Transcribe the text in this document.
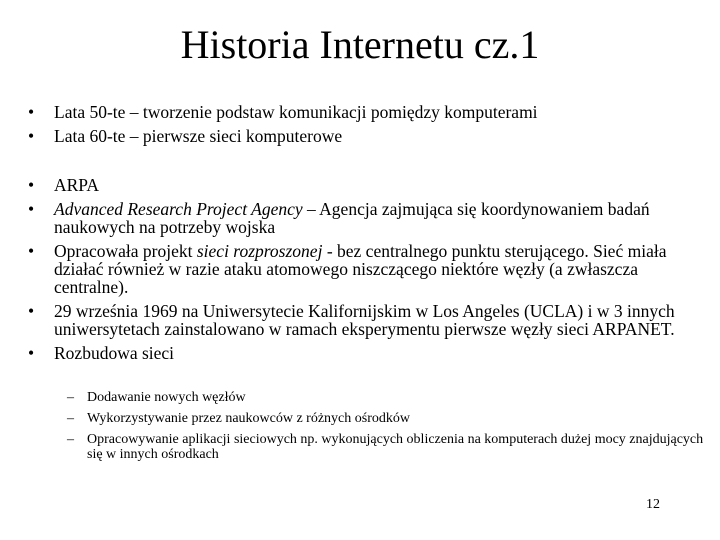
Historia Internetu cz.1
• Lata 50-te – tworzenie podstaw komunikacji pomiędzy komputerami
• Lata 60-te – pierwsze sieci komputerowe
• ARPA
• Advanced Research Project Agency – Agencja zajmująca się koordynowaniem badań naukowych na potrzeby wojska
• Opracowała projekt sieci rozproszonej - bez centralnego punktu sterującego. Sieć miała działać również w razie ataku atomowego niszczącego niektóre węzły (a zwłaszcza centralne).
• 29 września 1969 na Uniwersytecie Kalifornijskim w Los Angeles (UCLA) i w 3 innych uniwersytetach zainstalowano w ramach eksperymentu pierwsze węzły sieci ARPANET.
• Rozbudowa sieci
– Dodawanie nowych węzłów
– Wykorzystywanie przez naukowców z różnych ośrodków
– Opracowywanie aplikacji sieciowych np. wykonujących obliczenia na komputerach dużej mocy znajdujących się w innych ośrodkach
12
